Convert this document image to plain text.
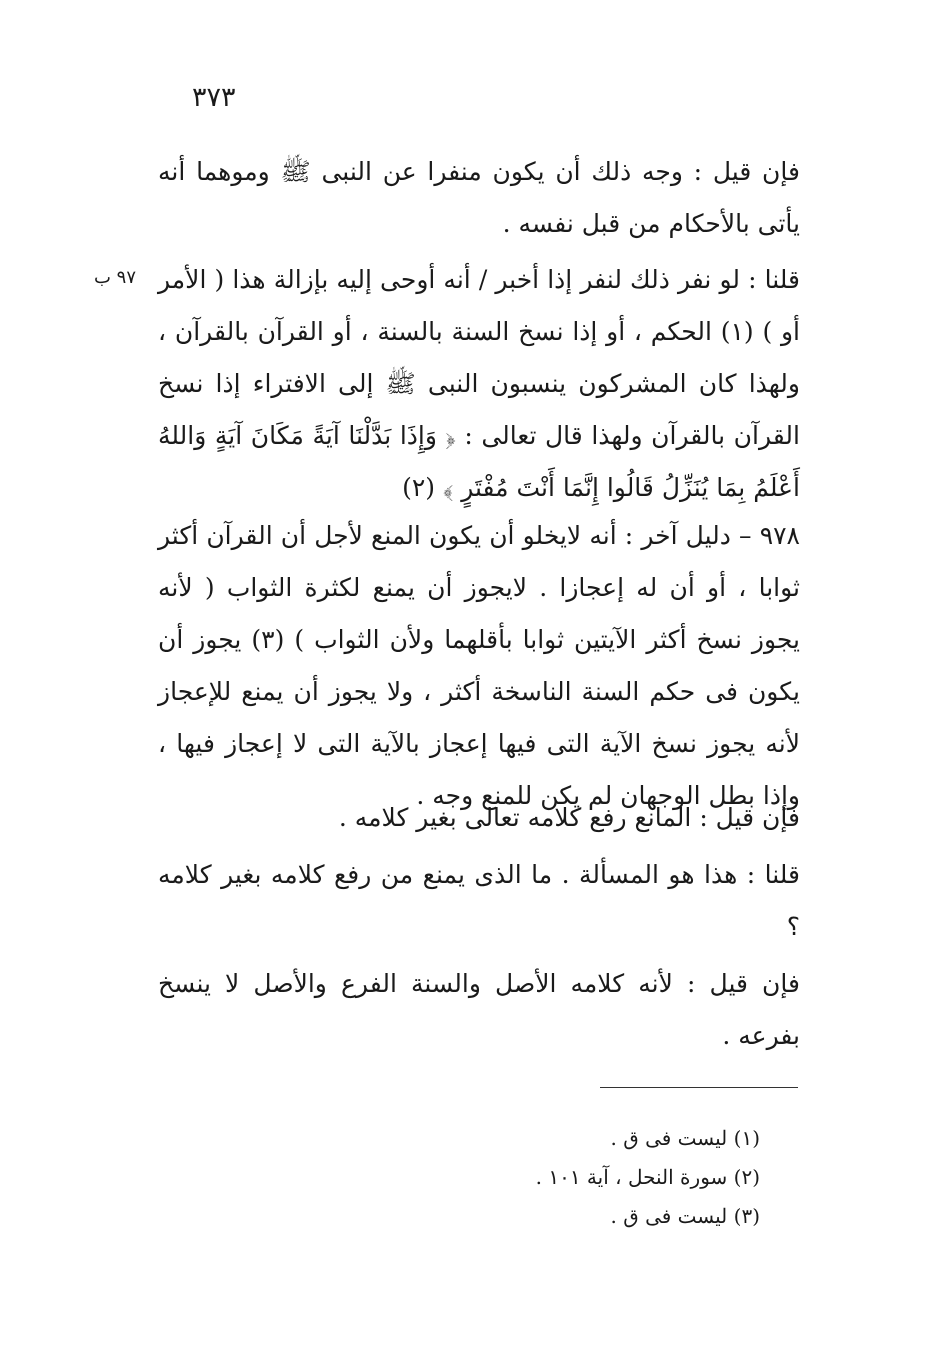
٣٧٣
فإن قيل : وجه ذلك أن يكون منفرا عن النبى ﷺ وموهما أنه يأتى بالأحكام من قبل نفسه .
٩٧ ب قلنا : لو نفر ذلك لنفر إذا أخبر / أنه أوحى إليه بإزالة هذا ( الأمر أو ) (١) الحكم ، أو إذا نسخ السنة بالسنة ، أو القرآن بالقرآن ، ولهذا كان المشركون ينسبون النبى ﷺ إلى الافتراء إذا نسخ القرآن بالقرآن ولهذا قال تعالى : ﴿ وَإِذَا بَدَّلْنَا آيَةً مَكَانَ آيَةٍ وَاللهُ أَعْلَمُ بِمَا يُنَزِّلُ قَالُوا إِنَّمَا أَنْتَ مُفْتَرٍ ﴾ (٢)
٩٧٨ – دليل آخر : أنه لايخلو أن يكون المنع لأجل أن القرآن أكثر ثوابا ، أو أن له إعجازا . لايجوز أن يمنع لكثرة الثواب ( لأنه يجوز نسخ أكثر الآيتين ثوابا بأقلهما ولأن الثواب ) (٣) يجوز أن يكون فى حكم السنة الناسخة أكثر ، ولا يجوز أن يمنع للإعجاز لأنه يجوز نسخ الآية التى فيها إعجاز بالآية التى لا إعجاز فيها ، وإذا بطل الوجهان لم يكن للمنع وجه .
فإن قيل : المانع رفع كلامه تعالى بغير كلامه .
قلنا : هذا هو المسألة . ما الذى يمنع من رفع كلامه بغير كلامه ؟
فإن قيل : لأنه كلامه الأصل والسنة الفرع والأصل لا ينسخ بفرعه .
(١) ليست فى ق .
(٢) سورة النحل ، آية ١٠١ .
(٣) ليست فى ق .
